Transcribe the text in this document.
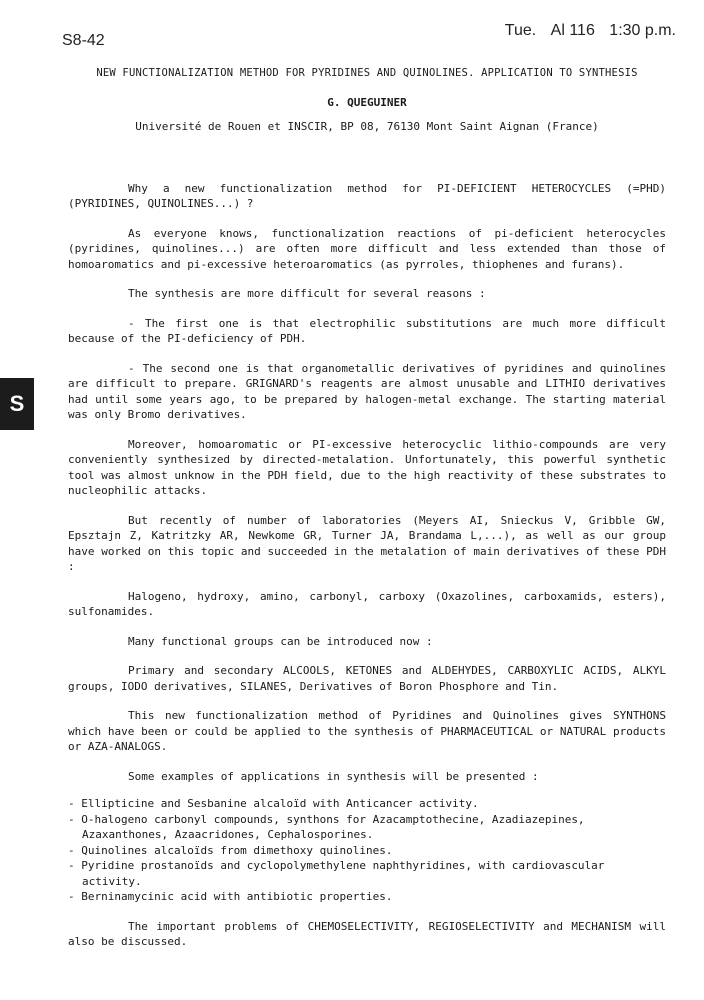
S8-42
Tue. Al 116 1:30 p.m.
S

NEW FUNCTIONALIZATION METHOD FOR PYRIDINES AND QUINOLINES. APPLICATION TO SYNTHESIS

G. QUEGUINER

Université de Rouen et INSCIR, BP 08, 76130 Mont Saint Aignan (France)

Why a new functionalization method for PI-DEFICIENT HETEROCYCLES (=PHD) (PYRIDINES, QUINOLINES...) ?

As everyone knows, functionalization reactions of pi-deficient heterocycles (pyridines, quinolines...) are often more difficult and less extended than those of homoaromatics and pi-excessive heteroaromatics (as pyrroles, thiophenes and furans).

The synthesis are more difficult for several reasons :

- The first one is that electrophilic substitutions are much more difficult because of the PI-deficiency of PDH.

- The second one is that organometallic derivatives of pyridines and quinolines are difficult to prepare. GRIGNARD's reagents are almost unusable and LITHIO derivatives had until some years ago, to be prepared by halogen-metal exchange. The starting material was only Bromo derivatives.

Moreover, homoaromatic or PI-excessive heterocyclic lithio-compounds are very conveniently synthesized by directed-metalation. Unfortunately, this powerful synthetic tool was almost unknow in the PDH field, due to the high reactivity of these substrates to nucleophilic attacks.

But recently of number of laboratories (Meyers AI, Snieckus V, Gribble GW, Epsztajn Z, Katritzky AR, Newkome GR, Turner JA, Brandama L,...), as well as our group have worked on this topic and succeeded in the metalation of main derivatives of these PDH :

Halogeno, hydroxy, amino, carbonyl, carboxy (Oxazolines, carboxamids, esters), sulfonamides.

Many functional groups can be introduced now :

Primary and secondary ALCOOLS, KETONES and ALDEHYDES, CARBOXYLIC ACIDS, ALKYL groups, IODO derivatives, SILANES, Derivatives of Boron Phosphore and Tin.

This new functionalization method of Pyridines and Quinolines gives SYNTHONS which have been or could be applied to the synthesis of PHARMACEUTICAL or NATURAL products or AZA-ANALOGS.

Some examples of applications in synthesis will be presented :

- Ellipticine and Sesbanine alcaloïd with Anticancer activity.
- O-halogeno carbonyl compounds, synthons for Azacamptothecine, Azadiazepines, Azaxanthones, Azaacridones, Cephalosporines.
- Quinolines alcaloïds from dimethoxy quinolines.
- Pyridine prostanoïds and cyclopolymethylene naphthyridines, with cardiovascular activity.
- Berninamycinic acid with antibiotic properties.

The important problems of CHEMOSELECTIVITY, REGIOSELECTIVITY and MECHANISM will also be discussed.
